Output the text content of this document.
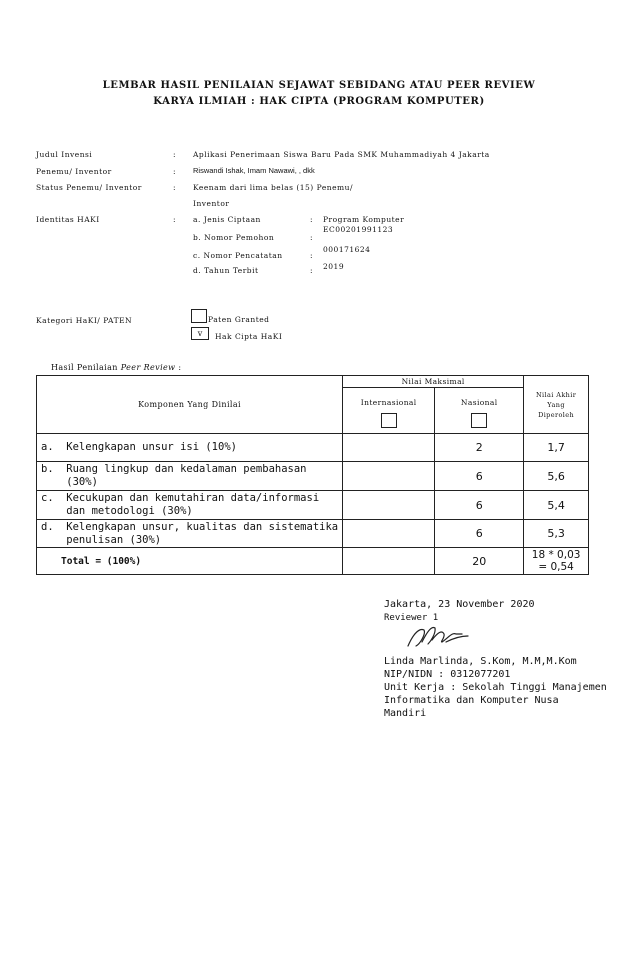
LEMBAR HASIL PENILAIAN SEJAWAT SEBIDANG ATAU PEER REVIEW
KARYA ILMIAH : HAK CIPTA (PROGRAM KOMPUTER)
Judul Invensi	: Aplikasi Penerimaan Siswa Baru Pada SMK Muhammadiyah 4 Jakarta
Penemu/ Inventor	: Riswandi Ishak, Imam Nawawi, , dkk
Status Penemu/ Inventor	: Keenam dari lima belas (15) Penemu/
Inventor
Identitas HAKI	: a. Jenis Ciptaan	: Program Komputer
EC00201991123
b. Nomor Pemohon	:
000171624
c. Nomor Pencatatan	:
d. Tahun Terbit	: 2019
Kategori HaKI/ PATEN	Paten Granted
v	Hak Cipta HaKI
Hasil Penilaian Peer Review :
Komponen Yang Dinilai	Nilai Maksimal		Nilai Akhir Yang Diperoleh

	Internasional	Nasional	

a.  Kelengkapan unsur isi (10%)		2	1,7
b.  Ruang lingkup dan kedalaman pembahasan
(30%)		6	5,6
c.  Kecukupan dan kemutahiran data/informasi
dan metodologi (30%)		6	5,4
d.  Kelengkapan unsur, kualitas dan sistematika
penulisan (30%)		6	5,3
Total = (100%)		20	18 * 0,03
= 0,54
Jakarta, 23 November 2020
Reviewer 1
Linda Marlinda, S.Kom, M.M,M.Kom
NIP/NIDN : 0312077201
Unit Kerja : Sekolah Tinggi Manajemen
Informatika dan Komputer Nusa
Mandiri
